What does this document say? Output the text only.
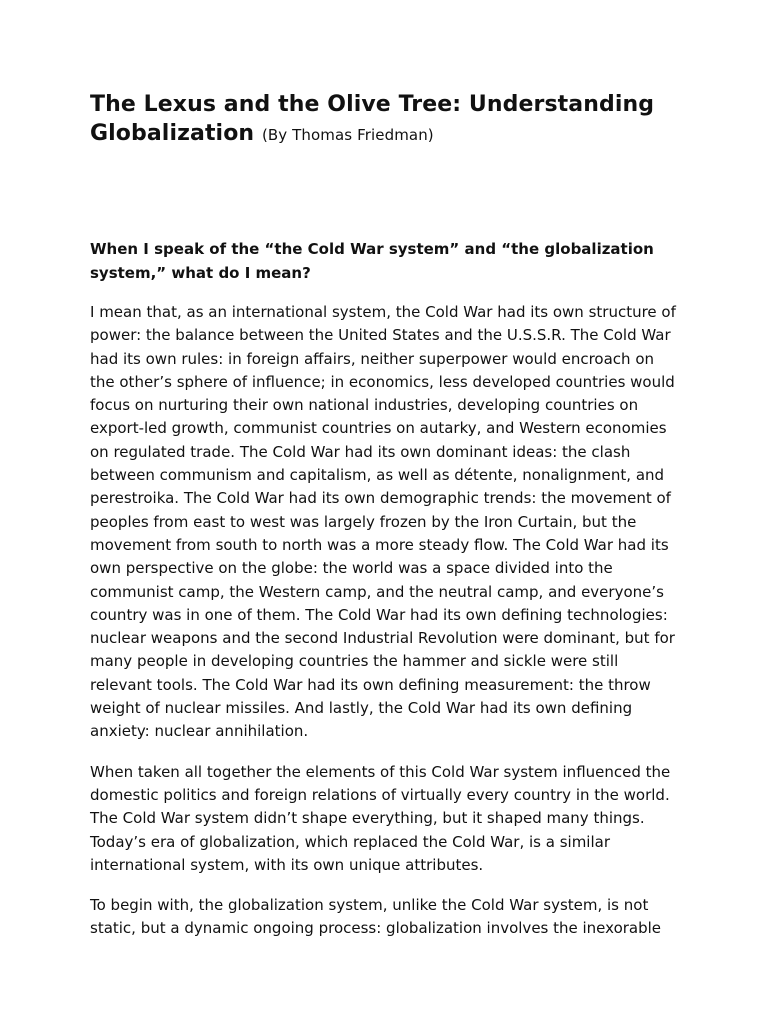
The Lexus and the Olive Tree: Understanding Globalization (By Thomas Friedman)

When I speak of the “the Cold War system” and “the globalization system,” what do I mean?

I mean that, as an international system, the Cold War had its own structure of power: the balance between the United States and the U.S.S.R. The Cold War had its own rules: in foreign affairs, neither superpower would encroach on the other’s sphere of influence; in economics, less developed countries would focus on nurturing their own national industries, developing countries on export-led growth, communist countries on autarky, and Western economies on regulated trade. The Cold War had its own dominant ideas: the clash between communism and capitalism, as well as détente, nonalignment, and perestroika. The Cold War had its own demographic trends: the movement of peoples from east to west was largely frozen by the Iron Curtain, but the movement from south to north was a more steady flow. The Cold War had its own perspective on the globe: the world was a space divided into the communist camp, the Western camp, and the neutral camp, and everyone’s country was in one of them. The Cold War had its own defining technologies: nuclear weapons and the second Industrial Revolution were dominant, but for many people in developing countries the hammer and sickle were still relevant tools. The Cold War had its own defining measurement: the throw weight of nuclear missiles. And lastly, the Cold War had its own defining anxiety: nuclear annihilation.

When taken all together the elements of this Cold War system influenced the domestic politics and foreign relations of virtually every country in the world. The Cold War system didn’t shape everything, but it shaped many things. Today’s era of globalization, which replaced the Cold War, is a similar international system, with its own unique attributes.

To begin with, the globalization system, unlike the Cold War system, is not static, but a dynamic ongoing process: globalization involves the inexorable
